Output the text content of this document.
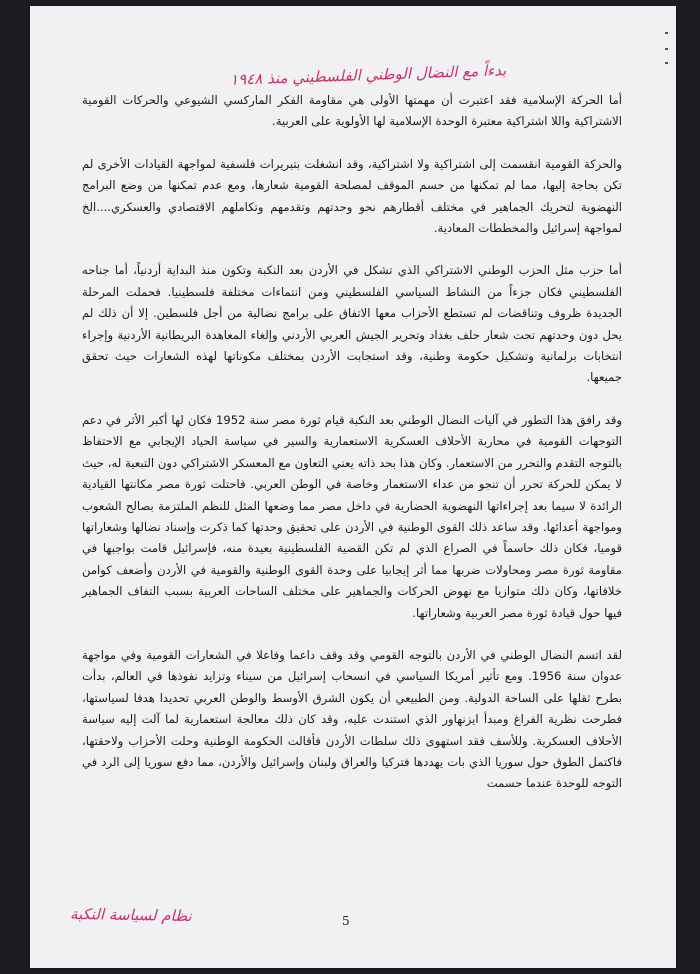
بدءاً مع النضال الوطني الفلسطيني منذ ١٩٤٨

أما الحركة الإسلامية فقد اعتبرت أن مهمتها الأولى هي مقاومة الفكر الماركسي الشيوعي والحركات القومية الاشتراكية واللا اشتراكية معتبرة الوحدة الإسلامية لها الأولوية على العربية.

والحركة القومية انقسمت إلى اشتراكية ولا اشتراكية، وقد انشغلت بتبريرات فلسفية لمواجهة القيادات الأخرى لم تكن بحاجة إليها، مما لم تمكنها من حسم الموقف لمصلحة القومية شعارها، ومع عدم تمكنها من وضع البرامج النهضوية لتحريك الجماهير في مختلف أقطارهم نحو وحدتهم وتقدمهم وتكاملهم الاقتصادي والعسكري....الخ لمواجهة إسرائيل والمخططات المعادية.

أما حزب مثل الحزب الوطني الاشتراكي الذي تشكل في الأردن بعد النكبة وتكون منذ البداية أردنياً، أما جناحه الفلسطيني فكان جزءاً من النشاط السياسي الفلسطيني ومن انتماءات مختلفة فلسطينيا. فحملت المرحلة الجديدة ظروف وتناقضات لم تستطع الأحزاب معها الاتفاق على برامج نضالية من أجل فلسطين. إلا أن ذلك لم يحل دون وحدتهم تحت شعار حلف بغداد وتحرير الجيش العربي الأردني وإلغاء المعاهدة البريطانية الأردنية وإجراء انتخابات برلمانية وتشكيل حكومة وطنية، وقد استجابت الأردن بمختلف مكوناتها لهذه الشعارات حيث تحقق جميعها.

وقد رافق هذا التطور في آليات النضال الوطني بعد النكبة قيام ثورة مصر سنة 1952 فكان لها أكبر الأثر في دعم التوجهات القومية في محاربة الأحلاف العسكرية الاستعمارية والسير في سياسة الحياد الإيجابي مع الاحتفاظ بالتوجه التقدم والتحرر من الاستعمار. وكان هذا بحد ذاته يعني التعاون مع المعسكر الاشتراكي دون التبعية له، حيث لا يمكن للحركة تحرر أن تنجو من عداء الاستعمار وخاصة في الوطن العربي. فاحتلت ثورة مصر مكانتها القيادية الرائدة لا سيما بعد إجراءاتها النهضوية الحضارية في داخل مصر مما وضعها المثل للنظم الملتزمة بصالح الشعوب ومواجهة أعدائها. وقد ساعد ذلك القوى الوطنية في الأردن على تحقيق وحدتها كما ذكرت وإسناد نضالها وشعاراتها قوميا، فكان ذلك حاسماً في الصراع الذي لم تكن القضية الفلسطينية بعيدة منه، فإسرائيل قامت بواجبها في مقاومة ثورة مصر ومحاولات ضربها مما أثر إيجابيا على وحدة القوى الوطنية والقومية في الأردن وأضعف كوامن خلافاتها، وكان ذلك متوازيا مع نهوض الحركات والجماهير على مختلف الساحات العربية بسبب التفاف الجماهير فيها حول قيادة ثورة مصر العربية وشعاراتها.

لقد اتسم النضال الوطني في الأردن بالتوجه القومي وقد وقف داعما وفاعلا في الشعارات القومية وفي مواجهة عدوان سنة 1956. ومع تأثير أمريكا السياسي في انسحاب إسرائيل من سيناء وتزايد نفوذها في العالم، بدأت بطرح ثقلها على الساحة الدولية. ومن الطبيعي أن يكون الشرق الأوسط والوطن العربي تحديدا هدفا لسياستها، فطرحت نظرية الفراغ ومبدأ ايزنهاور الذي استندت عليه، وقد كان ذلك معالجة استعمارية لما آلت إليه سياسة الأحلاف العسكرية. وللأسف فقد استهوى ذلك سلطات الأردن فأقالت الحكومة الوطنية وحلت الأحزاب ولاحقتها، فاكتمل الطوق حول سوريا الذي بات يهددها فتركيا والعراق ولبنان وإسرائيل والأردن، مما دفع سوريا إلى الرد في التوجه للوحدة عندما حسمت

5
نظام لسياسة النكبة
